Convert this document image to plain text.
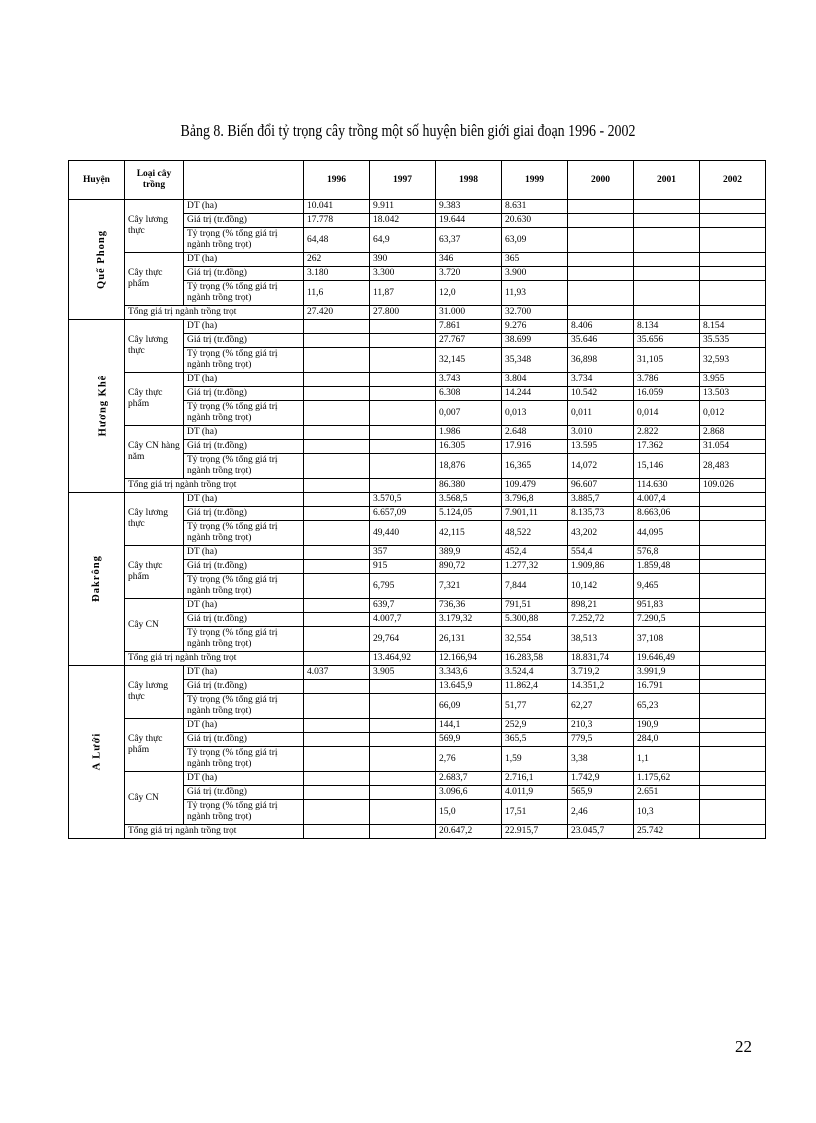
Bảng 8. Biến đổi tỷ trọng cây trồng một số huyện biên giới giai đoạn 1996 - 2002
Huyện	Loại cây trồng		1996	1997	1998	1999	2000	2001	2002
Quế Phong	Cây lương thực	DT (ha)	10.041	9.911	9.383	8.631			
		Giá trị (tr.đồng)	17.778	18.042	19.644	20.630			
		Tỷ trọng (% tổng giá trị ngành trồng trọt)	64,48	64,9	63,37	63,09			
	Cây thực phẩm	DT (ha)	262	390	346	365			
		Giá trị (tr.đồng)	3.180	3.300	3.720	3.900			
		Tỷ trọng (% tổng giá trị ngành trồng trọt)	11,6	11,87	12,0	11,93			
	Tổng giá trị ngành trồng trọt		27.420	27.800	31.000	32.700			
Hương Khê	Cây lương thực	DT (ha)			7.861	9.276	8.406	8.134	8.154
		Giá trị (tr.đồng)			27.767	38.699	35.646	35.656	35.535
		Tỷ trọng (% tổng giá trị ngành trồng trọt)			32,145	35,348	36,898	31,105	32,593
	Cây thực phẩm	DT (ha)			3.743	3.804	3.734	3.786	3.955
		Giá trị (tr.đồng)			6.308	14.244	10.542	16.059	13.503
		Tỷ trọng (% tổng giá trị ngành trồng trọt)			0,007	0,013	0,011	0,014	0,012
	Cây CN hàng năm	DT (ha)			1.986	2.648	3.010	2.822	2.868
		Giá trị (tr.đồng)			16.305	17.916	13.595	17.362	31.054
		Tỷ trọng (% tổng giá trị ngành trồng trọt)			18,876	16,365	14,072	15,146	28,483
	Tổng giá trị ngành trồng trọt				86.380	109.479	96.607	114.630	109.026
Đakrông	Cây lương thực	DT (ha)		3.570,5	3.568,5	3.796,8	3.885,7	4.007,4	
		Giá trị (tr.đồng)		6.657,09	5.124,05	7.901,11	8.135,73	8.663,06	
		Tỷ trọng (% tổng giá trị ngành trồng trọt)		49,440	42,115	48,522	43,202	44,095	
	Cây thực phẩm	DT (ha)		357	389,9	452,4	554,4	576,8	
		Giá trị (tr.đồng)		915	890,72	1.277,32	1.909,86	1.859,48	
		Tỷ trọng (% tổng giá trị ngành trồng trọt)		6,795	7,321	7,844	10,142	9,465	
	Cây CN	DT (ha)		639,7	736,36	791,51	898,21	951,83	
		Giá trị (tr.đồng)		4.007,7	3.179,32	5.300,88	7.252,72	7.290,5	
		Tỷ trọng (% tổng giá trị ngành trồng trọt)		29,764	26,131	32,554	38,513	37,108	
	Tổng giá trị ngành trồng trọt			13.464,92	12.166,94	16.283,58	18.831,74	19.646,49	
A Lưới	Cây lương thực	DT (ha)	4.037	3.905	3.343,6	3.524,4	3.719,2	3.991,9	
		Giá trị (tr.đồng)			13.645,9	11.862,4	14.351,2	16.791	
		Tỷ trọng (% tổng giá trị ngành trồng trọt)			66,09	51,77	62,27	65,23	
	Cây thực phẩm	DT (ha)			144,1	252,9	210,3	190,9	
		Giá trị (tr.đồng)			569,9	365,5	779,5	284,0	
		Tỷ trọng (% tổng giá trị ngành trồng trọt)			2,76	1,59	3,38	1,1	
	Cây CN	DT (ha)			2.683,7	2.716,1	1.742,9	1.175,62	
		Giá trị (tr.đồng)			3.096,6	4.011,9	565,9	2.651	
		Tỷ trọng (% tổng giá trị ngành trồng trọt)			15,0	17,51	2,46	10,3	
	Tổng giá trị ngành trồng trọt				20.647,2	22.915,7	23.045,7	25.742	
22
